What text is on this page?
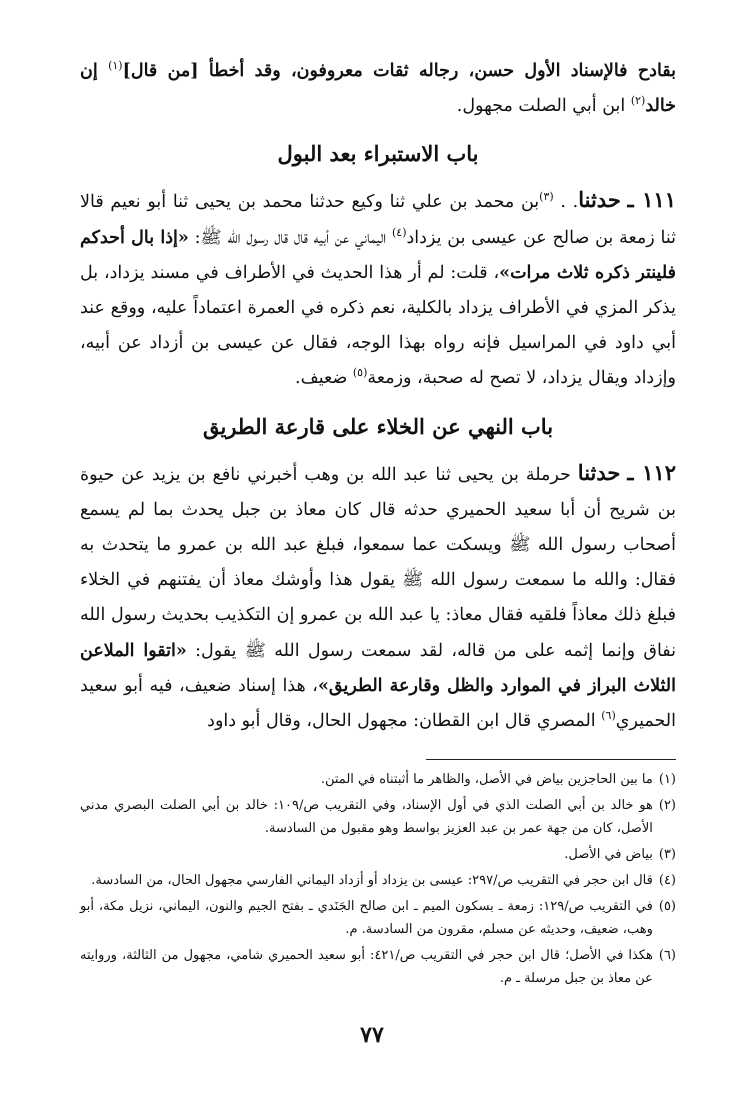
بقادح فالإسناد الأول حسن، رجاله ثقات معروفون، وقد أخطأ [من قال]$^{(١)}$ إن خالد$^{(٢)}$ ابن أبي الصلت مجهول.

باب الاستبراء بعد البول

١١١ ـ حدثنا. . $^{(٣)}$بن محمد بن علي ثنا وكيع حدثنا محمد بن يحيى ثنا أبو نعيم قالا ثنا زمعة بن صالح عن عيسى بن يزداد$^{(٤)}$ اليماني عن أبيه قال قال رسول الله ﷺ: «إذا بال أحدكم فلينتر ذكره ثلاث مرات»، قلت: لم أر هذا الحديث في الأطراف في مسند يزداد، بل يذكر المزي في الأطراف يزداد بالكلية، نعم ذكره في العمرة اعتماداً عليه، ووقع عند أبي داود في المراسيل فإنه رواه بهذا الوجه، فقال عن عيسى بن أزداد عن أبيه، وإزداد ويقال يزداد، لا تصح له صحبة، وزمعة$^{(٥)}$ ضعيف.

باب النهي عن الخلاء على قارعة الطريق

١١٢ ـ حدثنا حرملة بن يحيى ثنا عبد الله بن وهب أخبرني نافع بن يزيد عن حيوة بن شريح أن أبا سعيد الحميري حدثه قال كان معاذ بن جبل يحدث بما لم يسمع أصحاب رسول الله ﷺ ويسكت عما سمعوا، فبلغ عبد الله بن عمرو ما يتحدث به فقال: والله ما سمعت رسول الله ﷺ يقول هذا وأوشك معاذ أن يفتنهم في الخلاء فبلغ ذلك معاذاً فلقيه فقال معاذ: يا عبد الله بن عمرو إن التكذيب بحديث رسول الله نفاق وإنما إثمه على من قاله، لقد سمعت رسول الله ﷺ يقول: «اتقوا الملاعن الثلاث البراز في الموارد والظل وقارعة الطريق»، هذا إسناد ضعيف، فيه أبو سعيد الحميري$^{(٦)}$ المصري قال ابن القطان: مجهول الحال، وقال أبو داود

(١)
ما بين الحاجزين بياض في الأصل، والظاهر ما أثبتناه في المتن.
(٢)
هو خالد بن أبي الصلت الذي في أول الإسناد، وفي التقريب ص/١٠٩: خالد بن أبي الصلت البصري مدني الأصل، كان من جهة عمر بن عبد العزيز بواسط وهو مقبول من السادسة.
(٣)
بياض في الأصل.
(٤)
قال ابن حجر في التقريب ص/٢٩٧: عيسى بن يزداد أو أزداد اليماني الفارسي مجهول الحال، من السادسة.
(٥)
في التقريب ص/١٢٩: زمعة ـ بسكون الميم ـ ابن صالح الجَنَدي ـ بفتح الجيم والنون، اليماني، نزيل مكة، أبو وهب، ضعيف، وحديثه عن مسلم، مقرون من السادسة. م.
(٦)
هكذا في الأصل؛ قال ابن حجر في التقريب ص/٤٢١: أبو سعيد الحميري شامي، مجهول من الثالثة، وروايته عن معاذ بن جبل مرسلة ـ م.
٧٧
